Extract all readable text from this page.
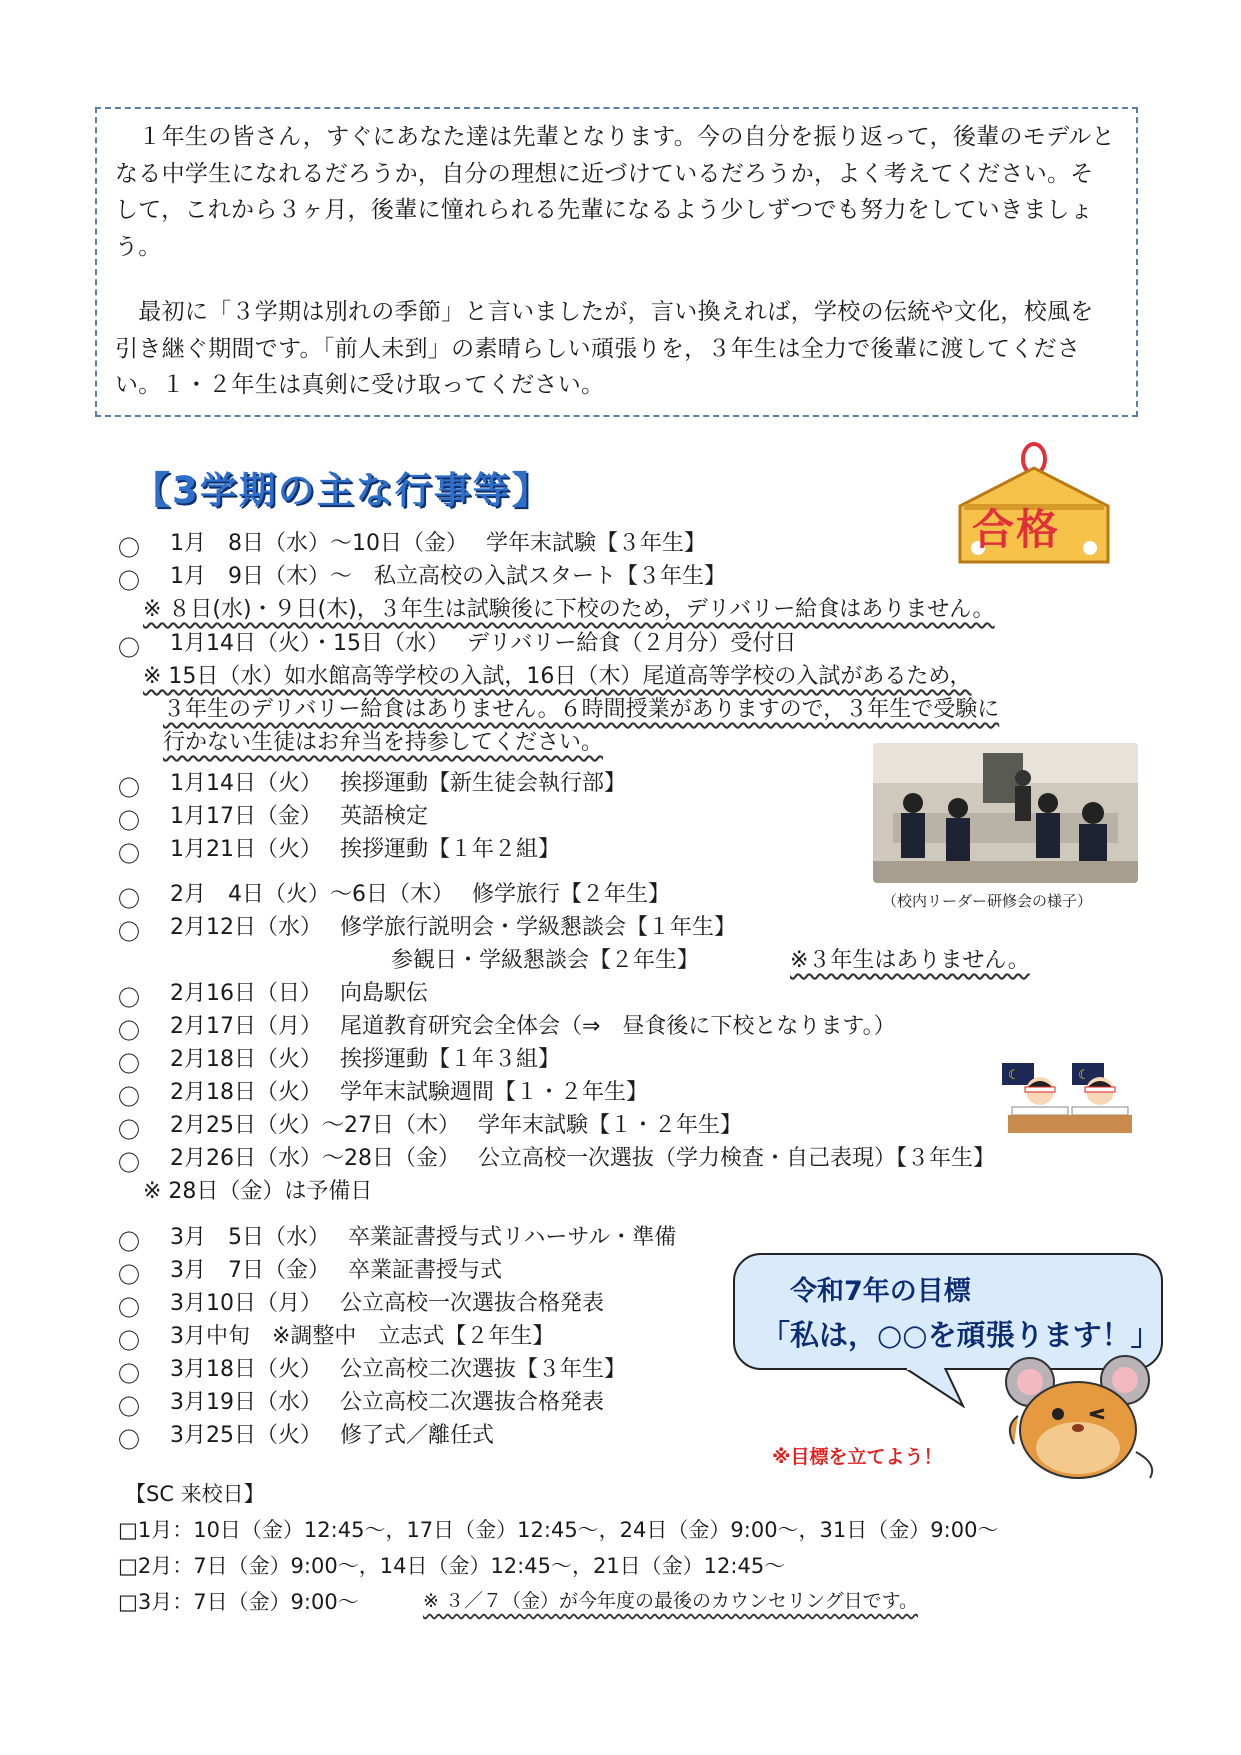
　１年生の皆さん，すぐにあなた達は先輩となります。今の自分を振り返って，後輩のモデルとなる中学生になれるだろうか，自分の理想に近づけているだろうか，よく考えてください。そして，これから３ヶ月，後輩に憧れられる先輩になるよう少しずつでも努力をしていきましょう。
　最初に「３学期は別れの季節」と言いましたが，言い換えれば，学校の伝統や文化，校風を引き継ぐ期間です。「前人未到」の素晴らしい頑張りを，３年生は全力で後輩に渡してください。１・２年生は真剣に受け取ってください。
【3学期の主な行事等】
合格
〇 1月　8日（水）～10日（金）　 学年末試験【３年生】
〇 1月　9日（木）～　私立高校の入試スタート【３年生】
※ ８日(水)・９日(木)，３年生は試験後に下校のため，デリバリー給食はありません。
〇 1月14日（火）・15日（水）　 デリバリー給食（２月分）受付日
※ 15日（水）如水館高等学校の入試，16日（木）尾道高等学校の入試があるため，
３年生のデリバリー給食はありません。６時間授業がありますので，３年生で受験に
行かない生徒はお弁当を持参してください。
〇 1月14日（火）　 挨拶運動【新生徒会執行部】
〇 1月17日（金）　 英語検定
〇 1月21日（火）　 挨拶運動【１年２組】
〇 2月　4日（火）～6日（木）　 修学旅行【２年生】
〇 2月12日（水）　 修学旅行説明会・学級懇談会【１年生】
参観日・学級懇談会【２年生】	※３年生はありません。
〇 2月16日（日）　 向島駅伝
〇 2月17日（月）　 尾道教育研究会全体会（⇒　昼食後に下校となります。）
〇 2月18日（火）　 挨拶運動【１年３組】
〇 2月18日（火）　 学年末試験週間【１・２年生】
〇 2月25日（火）～27日（木）　 学年末試験【１・２年生】
〇 2月26日（水）～28日（金）　 公立高校一次選抜（学力検査・自己表現）【３年生】
※ 28日（金）は予備日
〇 3月　5日（水）　 卒業証書授与式リハーサル・準備
〇 3月　7日（金）　 卒業証書授与式
〇 3月10日（月）　 公立高校一次選抜合格発表
〇 3月中旬　※調整中　立志式【２年生】
〇 3月18日（火）　 公立高校二次選抜【３年生】
〇 3月19日（水）　 公立高校二次選抜合格発表
〇 3月25日（火）　 修了式／離任式
（校内リーダー研修会の様子）
☾	☾
令和7年の目標
「私は，○○を頑張ります！」
※目標を立てよう！
【SC 来校日】
□1月：10日（金）12:45～，17日（金）12:45～，24日（金）9:00～，31日（金）9:00～
□2月：7日（金）9:00～，14日（金）12:45～，21日（金）12:45～
□3月：7日（金）9:00～	※ ３／７（金）が今年度の最後のカウンセリング日です。
